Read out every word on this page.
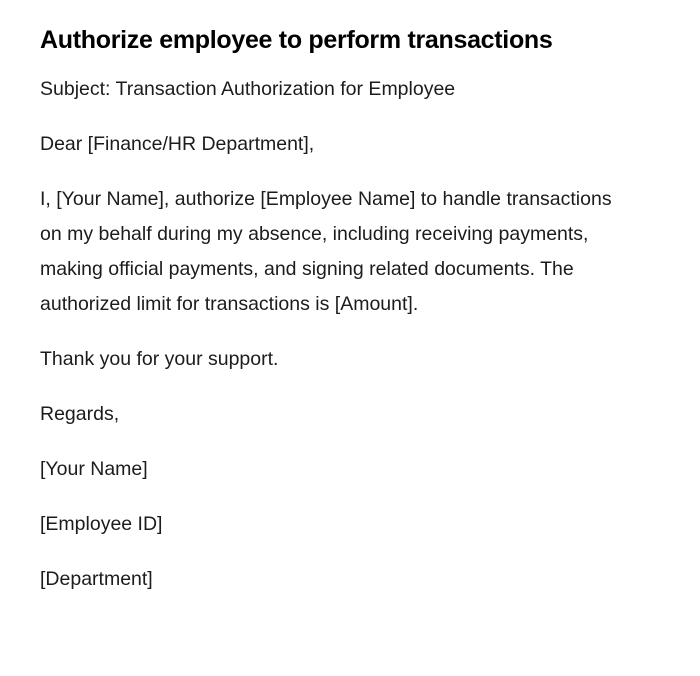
Authorize employee to perform transactions

Subject: Transaction Authorization for Employee

Dear [Finance/HR Department],

I, [Your Name], authorize [Employee Name] to handle transactions on my behalf during my absence, including receiving payments, making official payments, and signing related documents. The authorized limit for transactions is [Amount].

Thank you for your support.

Regards,

[Your Name]

[Employee ID]

[Department]
